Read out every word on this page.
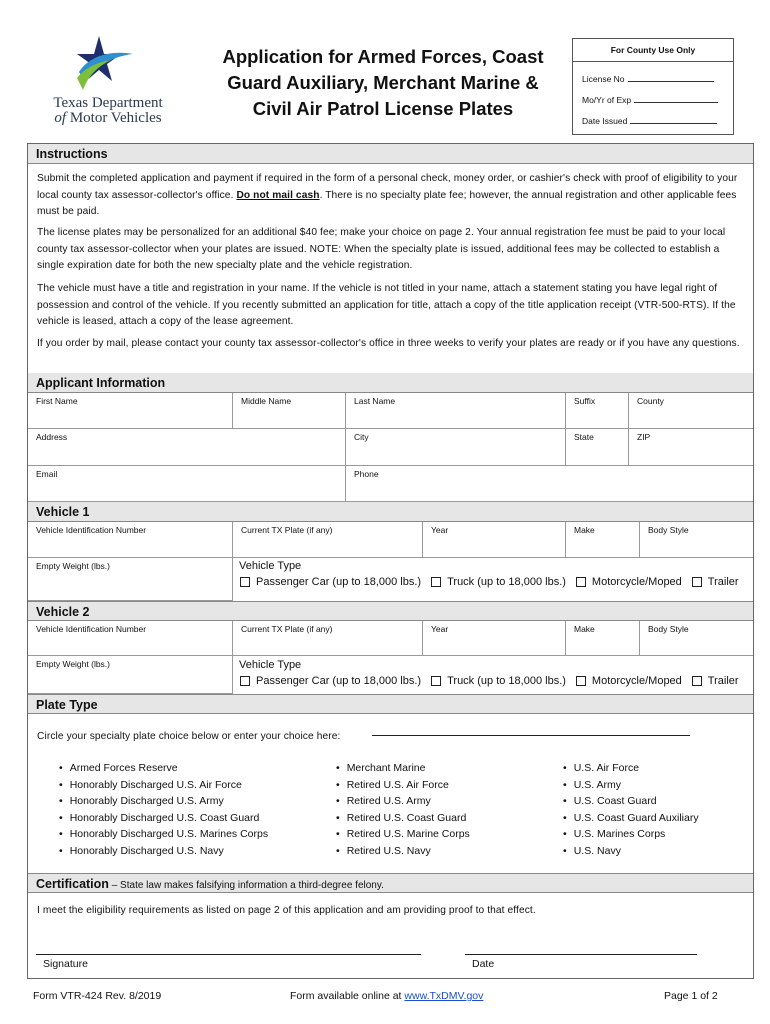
Texas Department
of Motor Vehicles
Application for Armed Forces, Coast
Guard Auxiliary, Merchant Marine &
Civil Air Patrol License Plates
For County Use Only
License No
Mo/Yr of Exp
Date Issued
Instructions
Submit the completed application and payment if required in the form of a personal check, money order, or cashier's check with proof of eligibility to your local county tax assessor-collector's office. Do not mail cash. There is no specialty plate fee; however, the annual registration and other applicable fees must be paid.
The license plates may be personalized for an additional $40 fee; make your choice on page 2. Your annual registration fee must be paid to your local county tax assessor-collector when your plates are issued. NOTE: When the specialty plate is issued, additional fees may be collected to establish a single expiration date for both the new specialty plate and the vehicle registration.
The vehicle must have a title and registration in your name. If the vehicle is not titled in your name, attach a statement stating you have legal right of possession and control of the vehicle. If you recently submitted an application for title, attach a copy of the title application receipt (VTR-500-RTS). If the vehicle is leased, attach a copy of the lease agreement.
If you order by mail, please contact your county tax assessor-collector's office in three weeks to verify your plates are ready or if you have any questions.
Applicant Information
First Name	Middle Name	Last Name	Suffix	County
Address	City	State	ZIP
Email	Phone
Vehicle 1
Vehicle Identification Number	Current TX Plate (if any)	Year	Make	Body Style
Empty Weight (lbs.)	Vehicle Type
Passenger Car (up to 18,000 lbs.) Truck (up to 18,000 lbs.) Motorcycle/Moped Trailer
Vehicle 2
Vehicle Identification Number	Current TX Plate (if any)	Year	Make	Body Style
Empty Weight (lbs.)	Vehicle Type
Passenger Car (up to 18,000 lbs.) Truck (up to 18,000 lbs.) Motorcycle/Moped Trailer
Plate Type
Circle your specialty plate choice below or enter your choice here:
• Armed Forces Reserve
• Honorably Discharged U.S. Air Force
• Honorably Discharged U.S. Army
• Honorably Discharged U.S. Coast Guard
• Honorably Discharged U.S. Marines Corps
• Honorably Discharged U.S. Navy
• Merchant Marine
• Retired U.S. Air Force
• Retired U.S. Army
• Retired U.S. Coast Guard
• Retired U.S. Marine Corps
• Retired U.S. Navy
• U.S. Air Force
• U.S. Army
• U.S. Coast Guard
• U.S. Coast Guard Auxiliary
• U.S. Marines Corps
• U.S. Navy
Certification – State law makes falsifying information a third-degree felony.
I meet the eligibility requirements as listed on page 2 of this application and am providing proof to that effect.
Signature	Date
Form VTR-424 Rev. 8/2019	Form available online at www.TxDMV.gov	Page 1 of 2
